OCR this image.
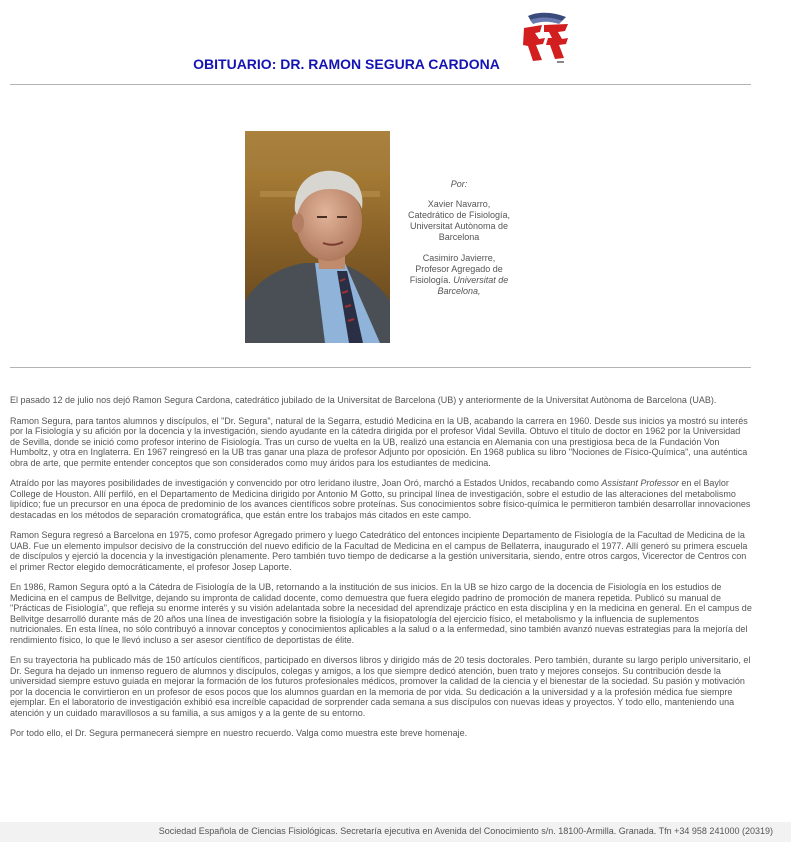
OBITUARIO: DR. RAMON SEGURA CARDONA

Por:

Xavier Navarro,
Catedrático de Fisiología,
Universitat Autònoma de Barcelona

Casimiro Javierre,
Profesor Agregado de Fisiología. Universitat de Barcelona,

El pasado 12 de julio nos dejó Ramon Segura Cardona, catedrático jubilado de la Universitat de Barcelona (UB) y anteriormente de la Universitat Autònoma de Barcelona (UAB).

Ramon Segura, para tantos alumnos y discípulos, el "Dr. Segura", natural de la Segarra, estudió Medicina en la UB, acabando la carrera en 1960. Desde sus inicios ya mostró su interés por la Fisiología y su afición por la docencia y la investigación, siendo ayudante en la cátedra dirigida por el profesor Vidal Sevilla. Obtuvo el título de doctor en 1962 por la Universidad de Sevilla, donde se inició como profesor interino de Fisiología. Tras un curso de vuelta en la UB, realizó una estancia en Alemania con una prestigiosa beca de la Fundación Von Humboltz, y otra en Inglaterra. En 1967 reingresó en la UB tras ganar una plaza de profesor Adjunto por oposición. En 1968 publica su libro "Nociones de Físico-Química", una auténtica obra de arte, que permite entender conceptos que son considerados como muy áridos para los estudiantes de medicina.

Atraído por las mayores posibilidades de investigación y convencido por otro leridano ilustre, Joan Oró, marchó a Estados Unidos, recabando como Assistant Professor en el Baylor College de Houston. Allí perfiló, en el Departamento de Medicina dirigido por Antonio M Gotto, su principal línea de investigación, sobre el estudio de las alteraciones del metabolismo lipídico; fue un precursor en una época de predominio de los avances científicos sobre proteínas. Sus conocimientos sobre físico-química le permitieron también desarrollar innovaciones destacadas en los métodos de separación cromatográfica, que están entre los trabajos más citados en este campo.

Ramon Segura regresó a Barcelona en 1975, como profesor Agregado primero y luego Catedrático del entonces incipiente Departamento de Fisiología de la Facultad de Medicina de la UAB. Fue un elemento impulsor decisivo de la construcción del nuevo edificio de la Facultad de Medicina en el campus de Bellaterra, inaugurado el 1977. Allí generó su primera escuela de discípulos y ejerció la docencia y la investigación plenamente. Pero también tuvo tiempo de dedicarse a la gestión universitaria, siendo, entre otros cargos, Vicerector de Centros con el primer Rector elegido democráticamente, el profesor Josep Laporte.

En 1986, Ramon Segura optó a la Cátedra de Fisiología de la UB, retornando a la institución de sus inicios. En la UB se hizo cargo de la docencia de Fisiología en los estudios de Medicina en el campus de Bellvitge, dejando su impronta de calidad docente, como demuestra que fuera elegido padrino de promoción de manera repetida. Publicó su manual de "Prácticas de Fisiología", que refleja su enorme interés y su visión adelantada sobre la necesidad del aprendizaje práctico en esta disciplina y en la medicina en general. En el campus de Bellvitge desarrolló durante más de 20 años una línea de investigación sobre la fisiología y la fisiopatología del ejercicio físico, el metabolismo y la influencia de suplementos nutricionales. En esta línea, no sólo contribuyó a innovar conceptos y conocimientos aplicables a la salud o a la enfermedad, sino también avanzó nuevas estrategias para la mejoría del rendimiento físico, lo que le llevó incluso a ser asesor científico de deportistas de élite.

En su trayectoria ha publicado más de 150 artículos científicos, participado en diversos libros y dirigido más de 20 tesis doctorales. Pero también, durante su largo periplo universitario, el Dr. Segura ha dejado un inmenso reguero de alumnos y discípulos, colegas y amigos, a los que siempre dedicó atención, buen trato y mejores consejos. Su contribución desde la universidad siempre estuvo guiada en mejorar la formación de los futuros profesionales médicos, promover la calidad de la ciencia y el bienestar de la sociedad. Su pasión y motivación por la docencia le convirtieron en un profesor de esos pocos que los alumnos guardan en la memoria de por vida. Su dedicación a la universidad y a la profesión médica fue siempre ejemplar. En el laboratorio de investigación exhibió esa increíble capacidad de sorprender cada semana a sus discípulos con nuevas ideas y proyectos. Y todo ello, manteniendo una atención y un cuidado maravillosos a su familia, a sus amigos y a la gente de su entorno.

Por todo ello, el Dr. Segura permanecerá siempre en nuestro recuerdo. Valga como muestra este breve homenaje.

Sociedad Española de Ciencias Fisiológicas. Secretaría ejecutiva en Avenida del Conocimiento s/n. 18100-Armilla. Granada. Tfn +34 958 241000 (20319)
